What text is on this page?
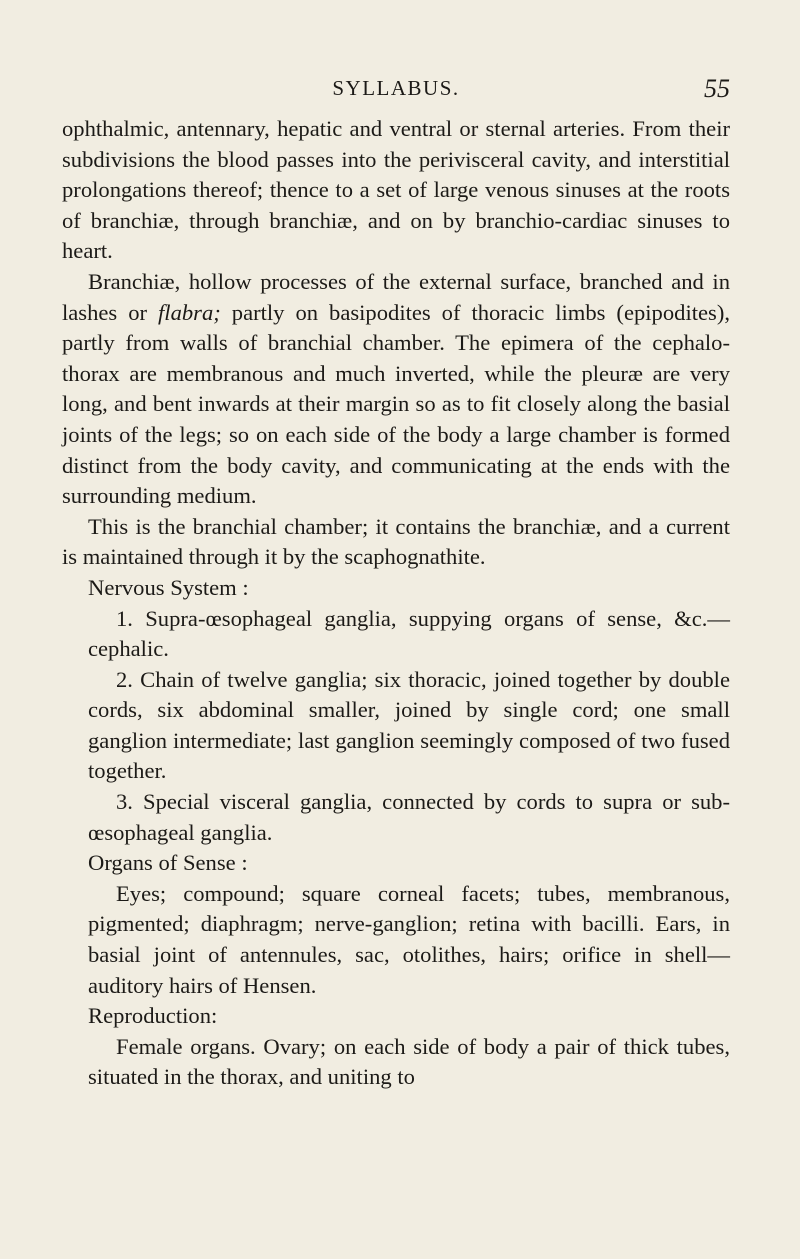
SYLLABUS.	55

ophthalmic, antennary, hepatic and ventral or sternal arteries. From their subdivisions the blood passes into the perivisceral cavity, and interstitial prolongations thereof; thence to a set of large venous sinuses at the roots of branchiæ, through branchiæ, and on by branchio-cardiac sinuses to heart.

Branchiæ, hollow processes of the external surface, branched and in lashes or flabra; partly on basipodites of thoracic limbs (epipodites), partly from walls of branchial chamber. The epimera of the cephalo-thorax are membranous and much inverted, while the pleuræ are very long, and bent inwards at their margin so as to fit closely along the basial joints of the legs; so on each side of the body a large chamber is formed distinct from the body cavity, and communicating at the ends with the surrounding medium.

This is the branchial chamber; it contains the branchiæ, and a current is maintained through it by the scaphognathite.

Nervous System :

1. Supra-œsophageal ganglia, suppying organs of sense, &c.—cephalic.

2. Chain of twelve ganglia; six thoracic, joined together by double cords, six abdominal smaller, joined by single cord; one small ganglion intermediate; last ganglion seemingly composed of two fused together.

3. Special visceral ganglia, connected by cords to supra or sub-œsophageal ganglia.

Organs of Sense :

Eyes; compound; square corneal facets; tubes, membranous, pigmented; diaphragm; nerve-ganglion; retina with bacilli. Ears, in basial joint of antennules, sac, otolithes, hairs; orifice in shell—auditory hairs of Hensen.

Reproduction:

Female organs. Ovary; on each side of body a pair of thick tubes, situated in the thorax, and uniting to
